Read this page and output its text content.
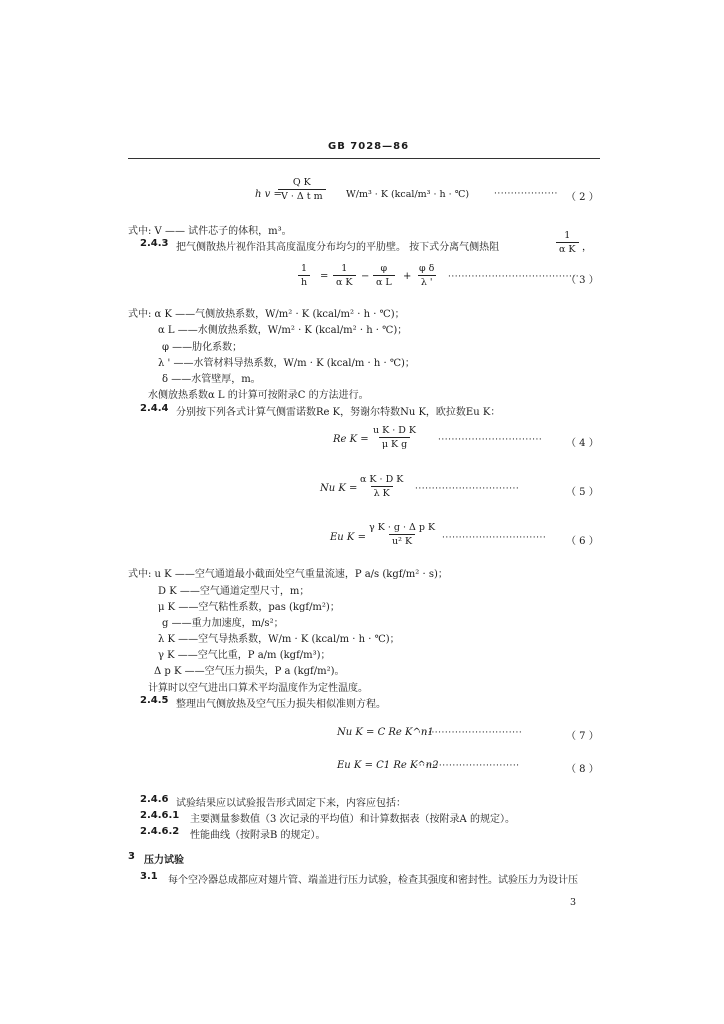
GB 7028—86
h v =
$\frac{\text{Q K}}{\text{V · Δ t m}} W/m^3 \cdot K$ (kcal/m³ · h · ℃)	··················· （ 2 ）
式中: V —— 试件芯子的体积，m³。
2.4.3 把气侧散热片视作沿其高度温度分布均匀的平肋壁。 按下式分离气侧热阻	$\frac{1}{\text{α K}}$ ，
$\frac{1}{h} = \frac{1}{\text{α K}} - \frac{\varphi}{\text{α L}} + \frac{\text{φ δ}}{\lambda '}$ ·······································
（ 3 ）
式中: α K ——气侧放热系数，W/m² · K (kcal/m² · h · ℃)；
α L ——水侧放热系数，W/m² · K (kcal/m² · h · ℃)；
φ ——肋化系数；
λ ' ——水管材料导热系数，W/m · K (kcal/m · h · ℃)；
δ ——水管壁厚，m。
水侧放热系数α L 的计算可按附录C 的方法进行。
2.4.4 分别按下列各式计算气侧雷诺数Re K，努谢尔特数Nu K，欧拉数Eu K：
Re $K = \frac{\text{u K · D K}}{\text{μ K g}}$ ······························· （ 4 ）
Nu $K = \frac{\text{α K · D K}}{\text{λ K}}$ ·······························	（ 5 ）
Eu $K = \frac{\text{γ K · g · Δ p K}}{\text{u² K}}$ ······························· （ 6 ）
式中: u K ——空气通道最小截面处空气重量流速，P a/s (kgf/m² · s)；
D K ——空气通道定型尺寸，m；
μ K ——空气粘性系数，pas (kgf/m²)；
g ——重力加速度，m/s²；
λ K ——空气导热系数，W/m · K (kcal/m · h · ℃)；
γ K ——空气比重，P a/m (kgf/m³)；
Δ p K ——空气压力损失，P a (kgf/m²)。
计算时以空气进出口算术平均温度作为定性温度。
2.4.5 整理出气侧放热及空气压力损失相似准则方程。
Nu K = C Re K^n1
·······························	（ 7 ）
Eu K = C1 Re K^n2
································	（ 8 ）
2.4.6 试验结果应以试验报告形式固定下来，内容应包括：
2.4.6.1 主要测量参数值（3 次记录的平均值）和计算数据表（按附录A 的规定）。
2.4.6.2 性能曲线（按附录B 的规定）。
3 压力试验
3.1 每个空冷器总成都应对翅片管、端盖进行压力试验，检查其强度和密封性。试验压力为设计压
3
